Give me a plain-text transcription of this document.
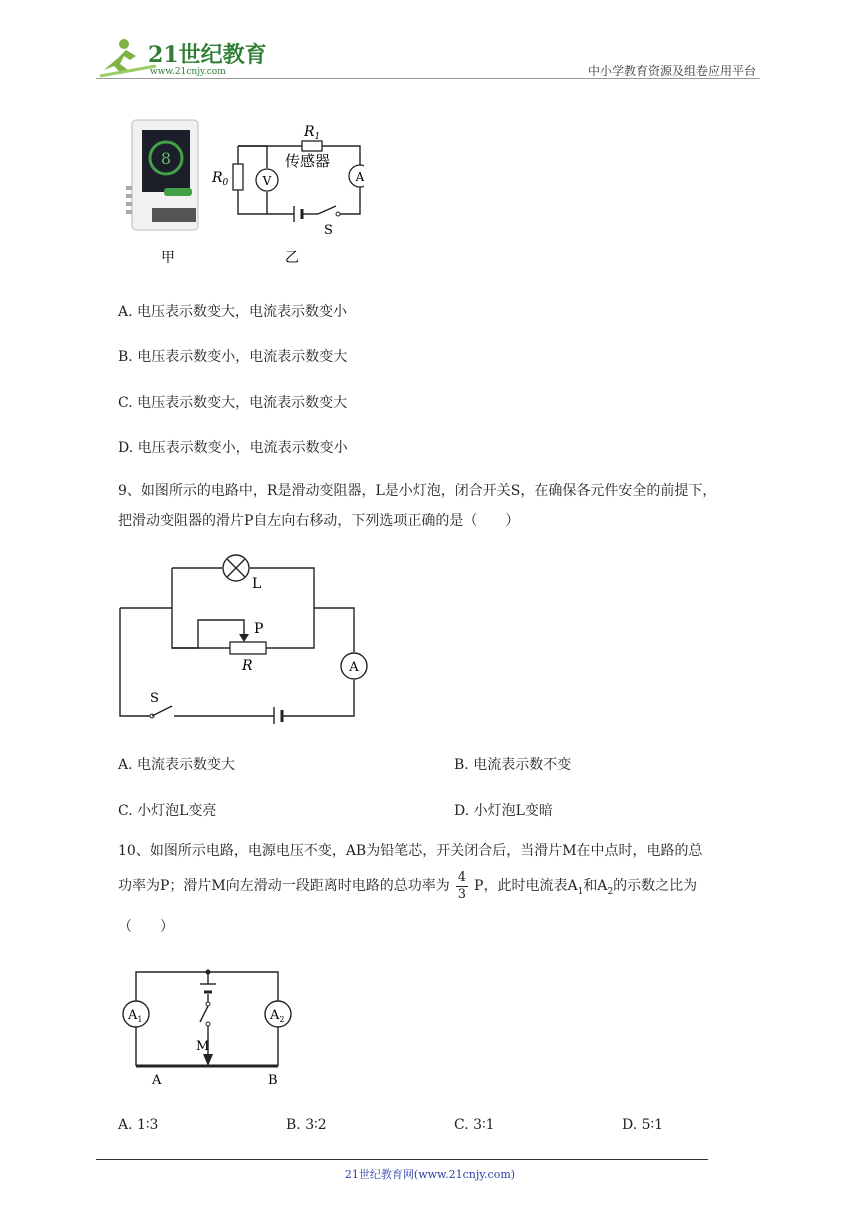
21世纪教育
www.21cnjy.com	中小学教育资源及组卷应用平台
8
甲
$R_1$
$R_0$
传感器
V	A
S
乙
A. 电压表示数变大，电流表示数变小
B. 电压表示数变小，电流表示数变大
C. 电压表示数变大，电流表示数变大
D. 电压表示数变小，电流表示数变小
9、如图所示的电路中，R是滑动变阻器，L是小灯泡，闭合开关S，在确保各元件安全的前提下，
把滑动变阻器的滑片P自左向右移动，下列选项正确的是（　　）
L
P
R	A
S
A. 电流表示数变大	B. 电流表示数不变
C. 小灯泡L变亮	D. 小灯泡L变暗
10、如图所示电路，电源电压不变，AB为铅笔芯，开关闭合后，当滑片M在中点时，电路的总
功率为P；滑片M向左滑动一段距离时电路的总功率为 $\frac{4}{3}$ P，此时电流表$A_1$和$A_2$的示数之比为
（　　）
$A_1$	$A_2$
M
A	B
A. 1∶3	B. 3∶2	C. 3∶1	D. 5∶1
21世纪教育网(www.21cnjy.com)
